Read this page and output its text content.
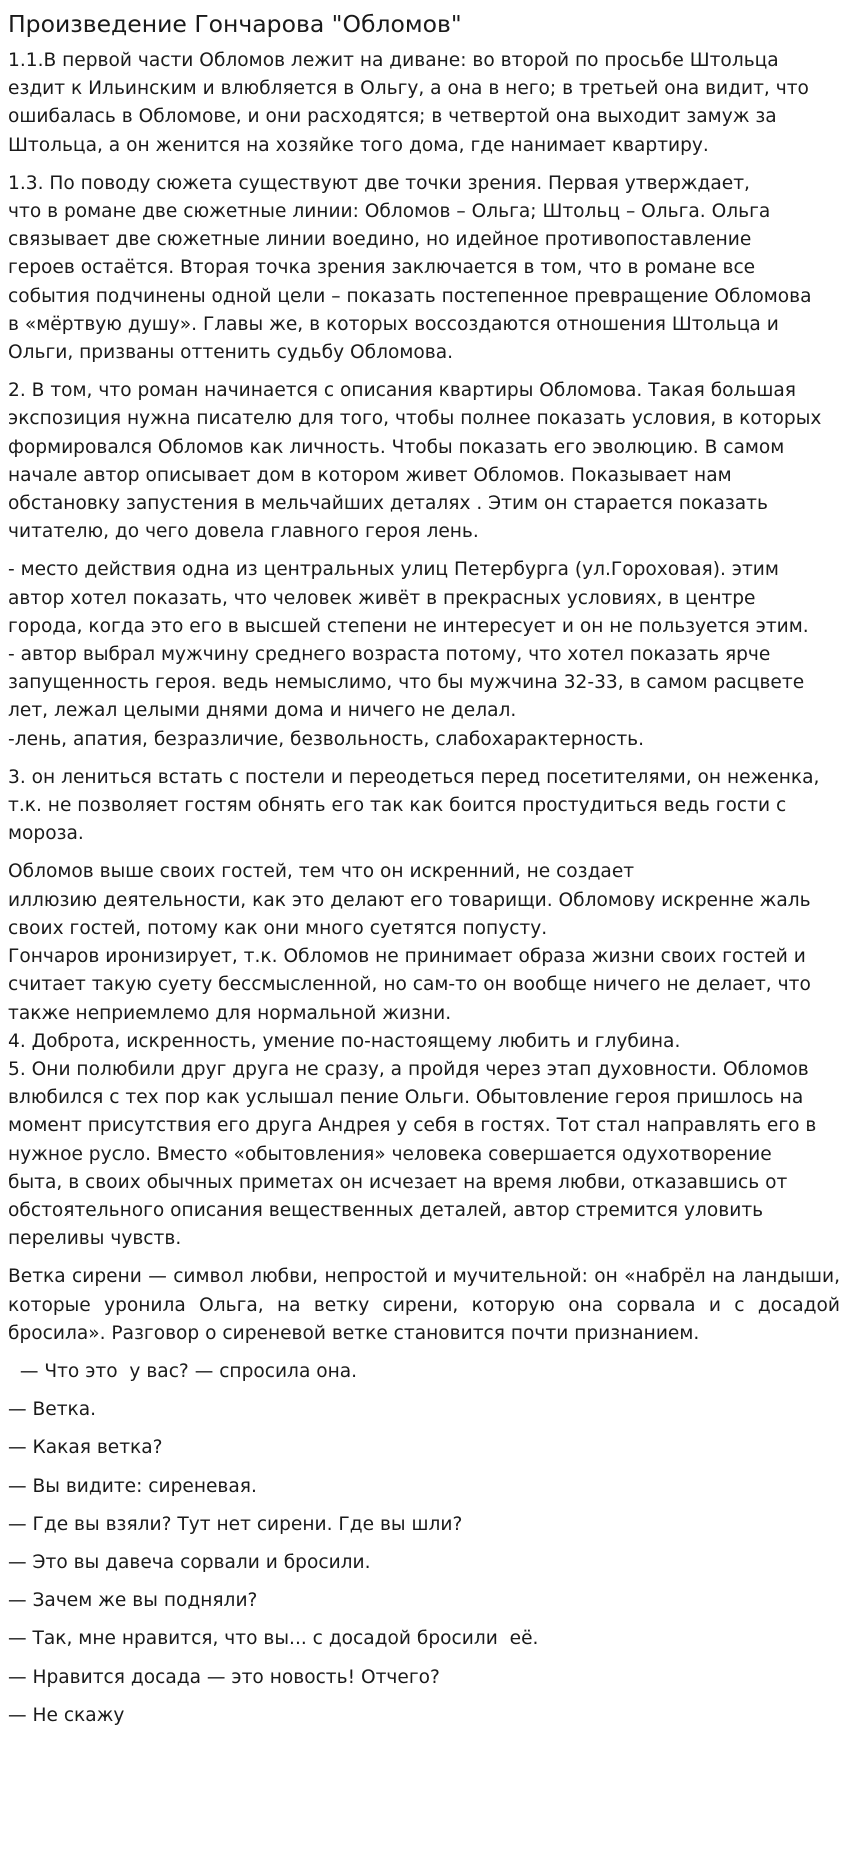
Произведение Гончарова "Обломов"
1.1.В первой части Обломов лежит на диване: во второй по просьбе Штольца
ездит к Ильинским и влюбляется в Ольгу, а она в него; в третьей она видит, что
ошибалась в Обломове, и они расходятся; в четвертой она выходит замуж за
Штольца, а он женится на хозяйке того дома, где нанимает квартиру.
1.3. По поводу сюжета существуют две точки зрения. Первая утверждает,
что в романе две сюжетные линии: Обломов – Ольга; Штольц – Ольга. Ольга
связывает две сюжетные линии воедино, но идейное противопоставление
героев остаётся. Вторая точка зрения заключается в том, что в романе все
события подчинены одной цели – показать постепенное превращение Обломова
в «мёртвую душу». Главы же, в которых воссоздаются отношения Штольца и
Ольги, призваны оттенить судьбу Обломова.
2. В том, что роман начинается с описания квартиры Обломова. Такая большая
экспозиция нужна писателю для того, чтобы полнее показать условия, в которых
формировался Обломов как личность. Чтобы показать его эволюцию. В самом
начале автор описывает дом в котором живет Обломов. Показывает нам
обстановку запустения в мельчайших деталях . Этим он старается показать
читателю, до чего довела главного героя лень.
- место действия одна из центральных улиц Петербурга (ул.Гороховая). этим
автор хотел показать, что человек живёт в прекрасных условиях, в центре
города, когда это его в высшей степени не интересует и он не пользуется этим.
- автор выбрал мужчину среднего возраста потому, что хотел показать ярче
запущенность героя. ведь немыслимо, что бы мужчина 32-33, в самом расцвете
лет, лежал целыми днями дома и ничего не делал.
-лень, апатия, безразличие, безвольность, слабохарактерность.
3. он лениться встать с постели и переодеться перед посетителями, он неженка,
т.к. не позволяет гостям обнять его так как боится простудиться ведь гости с
мороза.
Обломов выше своих гостей, тем что он искренний, не создает
иллюзию деятельности, как это делают его товарищи. Обломову искренне жаль
своих гостей, потому как они много суетятся попусту.
Гончаров иронизирует, т.к. Обломов не принимает образа жизни своих гостей и
считает такую суету бессмысленной, но сам-то он вообще ничего не делает, что
также неприемлемо для нормальной жизни.
4. Доброта, искренность, умение по-настоящему любить и глубина.
5. Они полюбили друг друга не сразу, а пройдя через этап духовности. Обломов
влюбился с тех пор как услышал пение Ольги. Обытовление героя пришлось на
момент присутствия его друга Андрея у себя в гостях. Тот стал направлять его в
нужное русло. Вместо «обытовления» человека совершается одухотворение
быта, в своих обычных приметах он исчезает на время любви, отказавшись от
обстоятельного описания вещественных деталей, автор стремится уловить
переливы чувств.
Ветка сирени — символ любви, непростой и мучительной: он «набрёл на ландыши, которые уронила Ольга, на ветку сирени, которую она сорвала и с досадой бросила». Разговор о сиреневой ветке становится почти признанием.
— Что это  у вас? — спросила она.
— Ветка.
— Какая ветка?
— Вы видите: сиреневая.
— Где вы взяли? Тут нет сирени. Где вы шли?
— Это вы давеча сорвали и бросили.
— Зачем же вы подняли?
— Так, мне нравится, что вы... с досадой бросили  её.
— Нравится досада — это новость! Отчего?
— Не скажу
